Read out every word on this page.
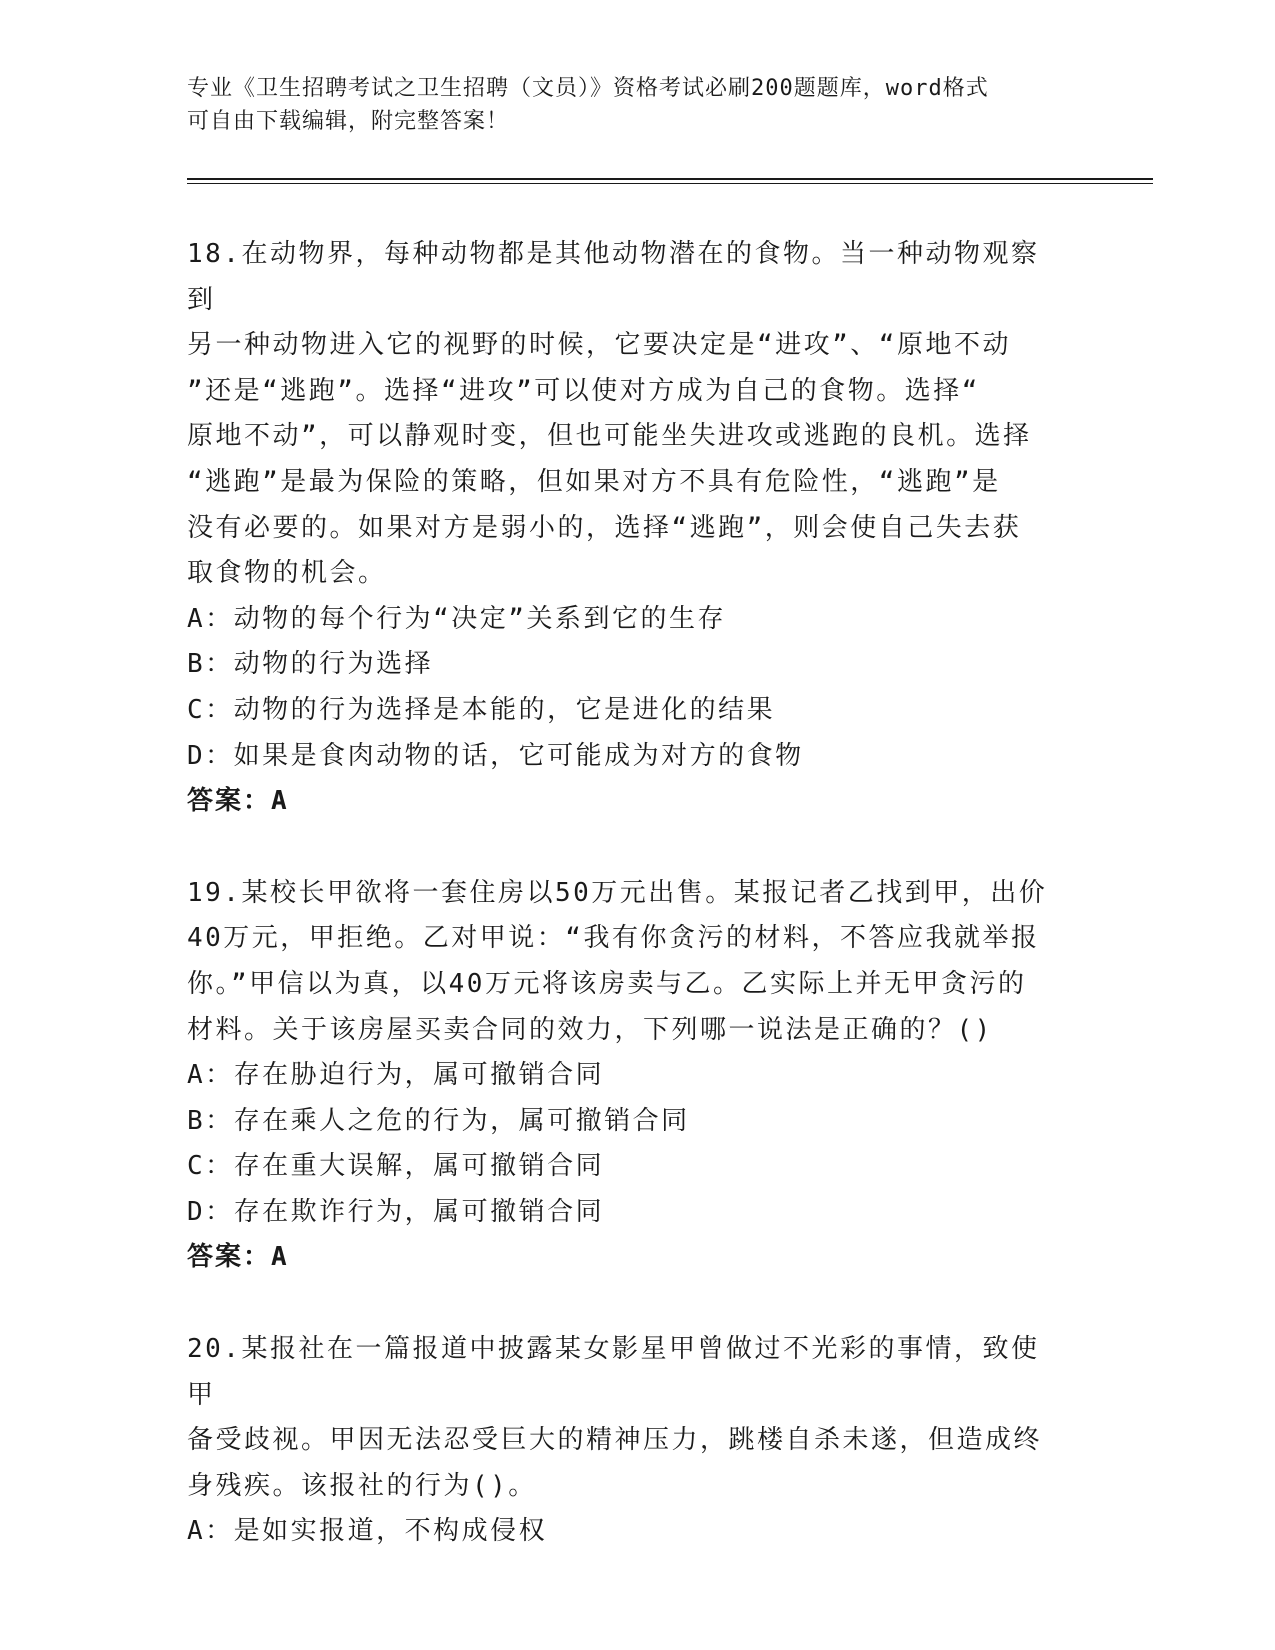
专业《卫生招聘考试之卫生招聘（文员）》资格考试必刷200题题库，word格式
可自由下载编辑，附完整答案！

18.在动物界，每种动物都是其他动物潜在的食物。当一种动物观察到
另一种动物进入它的视野的时候，它要决定是“进攻”、“原地不动
”还是“逃跑”。选择“进攻”可以使对方成为自己的食物。选择“
原地不动”，可以静观时变，但也可能坐失进攻或逃跑的良机。选择
“逃跑”是最为保险的策略，但如果对方不具有危险性，“逃跑”是
没有必要的。如果对方是弱小的，选择“逃跑”，则会使自己失去获
取食物的机会。

A：动物的每个行为“决定”关系到它的生存

B：动物的行为选择

C：动物的行为选择是本能的，它是进化的结果

D：如果是食肉动物的话，它可能成为对方的食物

答案：A

19.某校长甲欲将一套住房以50万元出售。某报记者乙找到甲，出价
40万元，甲拒绝。乙对甲说：“我有你贪污的材料，不答应我就举报
你。”甲信以为真，以40万元将该房卖与乙。乙实际上并无甲贪污的
材料。关于该房屋买卖合同的效力，下列哪一说法是正确的？()

A：存在胁迫行为，属可撤销合同

B：存在乘人之危的行为，属可撤销合同

C：存在重大误解，属可撤销合同

D：存在欺诈行为，属可撤销合同

答案：A

20.某报社在一篇报道中披露某女影星甲曾做过不光彩的事情，致使甲
备受歧视。甲因无法忍受巨大的精神压力，跳楼自杀未遂，但造成终
身残疾。该报社的行为()。

A：是如实报道，不构成侵权
